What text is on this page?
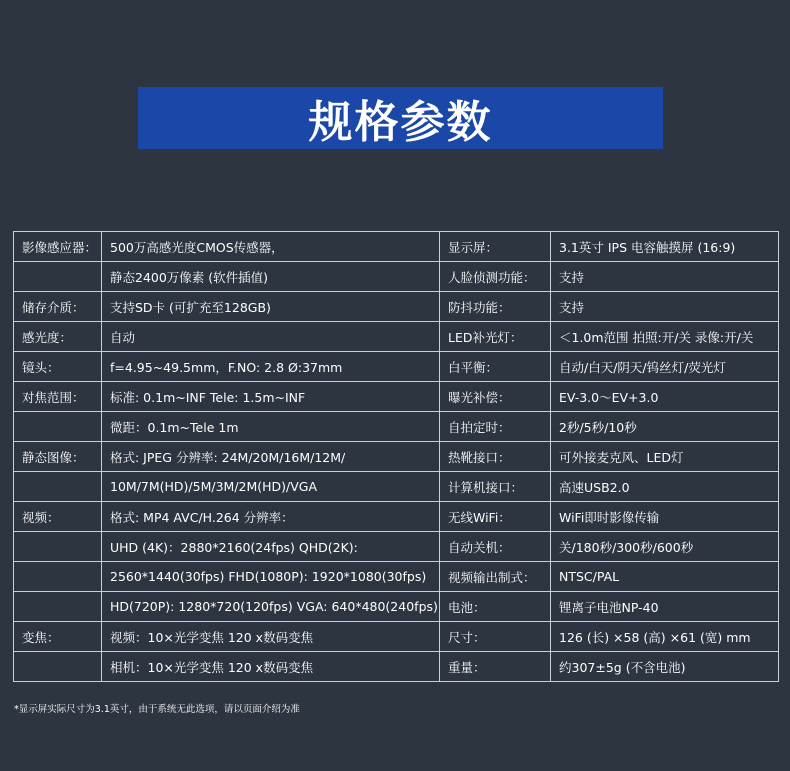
规格参数
影像感应器：	500万高感光度CMOS传感器，	显示屏：	3.1英寸 IPS 电容触摸屏 (16:9)
	静态2400万像素 (软件插值)	人脸侦测功能：	支持
储存介质：	支持SD卡 (可扩充至128GB)	防抖功能：	支持
感光度：	自动	LED补光灯：	＜1.0m范围 拍照:开/关 录像:开/关
镜头：	f=4.95~49.5mm，F.NO: 2.8 Ø:37mm	白平衡：	自动/白天/阴天/钨丝灯/荧光灯
对焦范围：	标准: 0.1m~INF Tele: 1.5m~INF	曝光补偿：	EV-3.0～EV+3.0
	微距：0.1m~Tele 1m	自拍定时：	2秒/5秒/10秒
静态图像：	格式: JPEG 分辨率: 24M/20M/16M/12M/	热靴接口：	可外接麦克风、LED灯
	10M/7M(HD)/5M/3M/2M(HD)/VGA	计算机接口：	高速USB2.0
视频：	格式: MP4 AVC/H.264 分辨率：	无线WiFi：	WiFi即时影像传输
	UHD (4K)：2880*2160(24fps) QHD(2K):	自动关机：	关/180秒/300秒/600秒
	2560*1440(30fps) FHD(1080P): 1920*1080(30fps)	视频输出制式：	NTSC/PAL
	HD(720P): 1280*720(120fps) VGA: 640*480(240fps)	电池：	锂离子电池NP-40
变焦：	视频：10×光学变焦 120 x数码变焦	尺寸：	126 (长) ×58 (高) ×61 (宽) mm
	相机：10×光学变焦 120 x数码变焦	重量：	约307±5g (不含电池)
*显示屏实际尺寸为3.1英寸，由于系统无此选项，请以页面介绍为准
